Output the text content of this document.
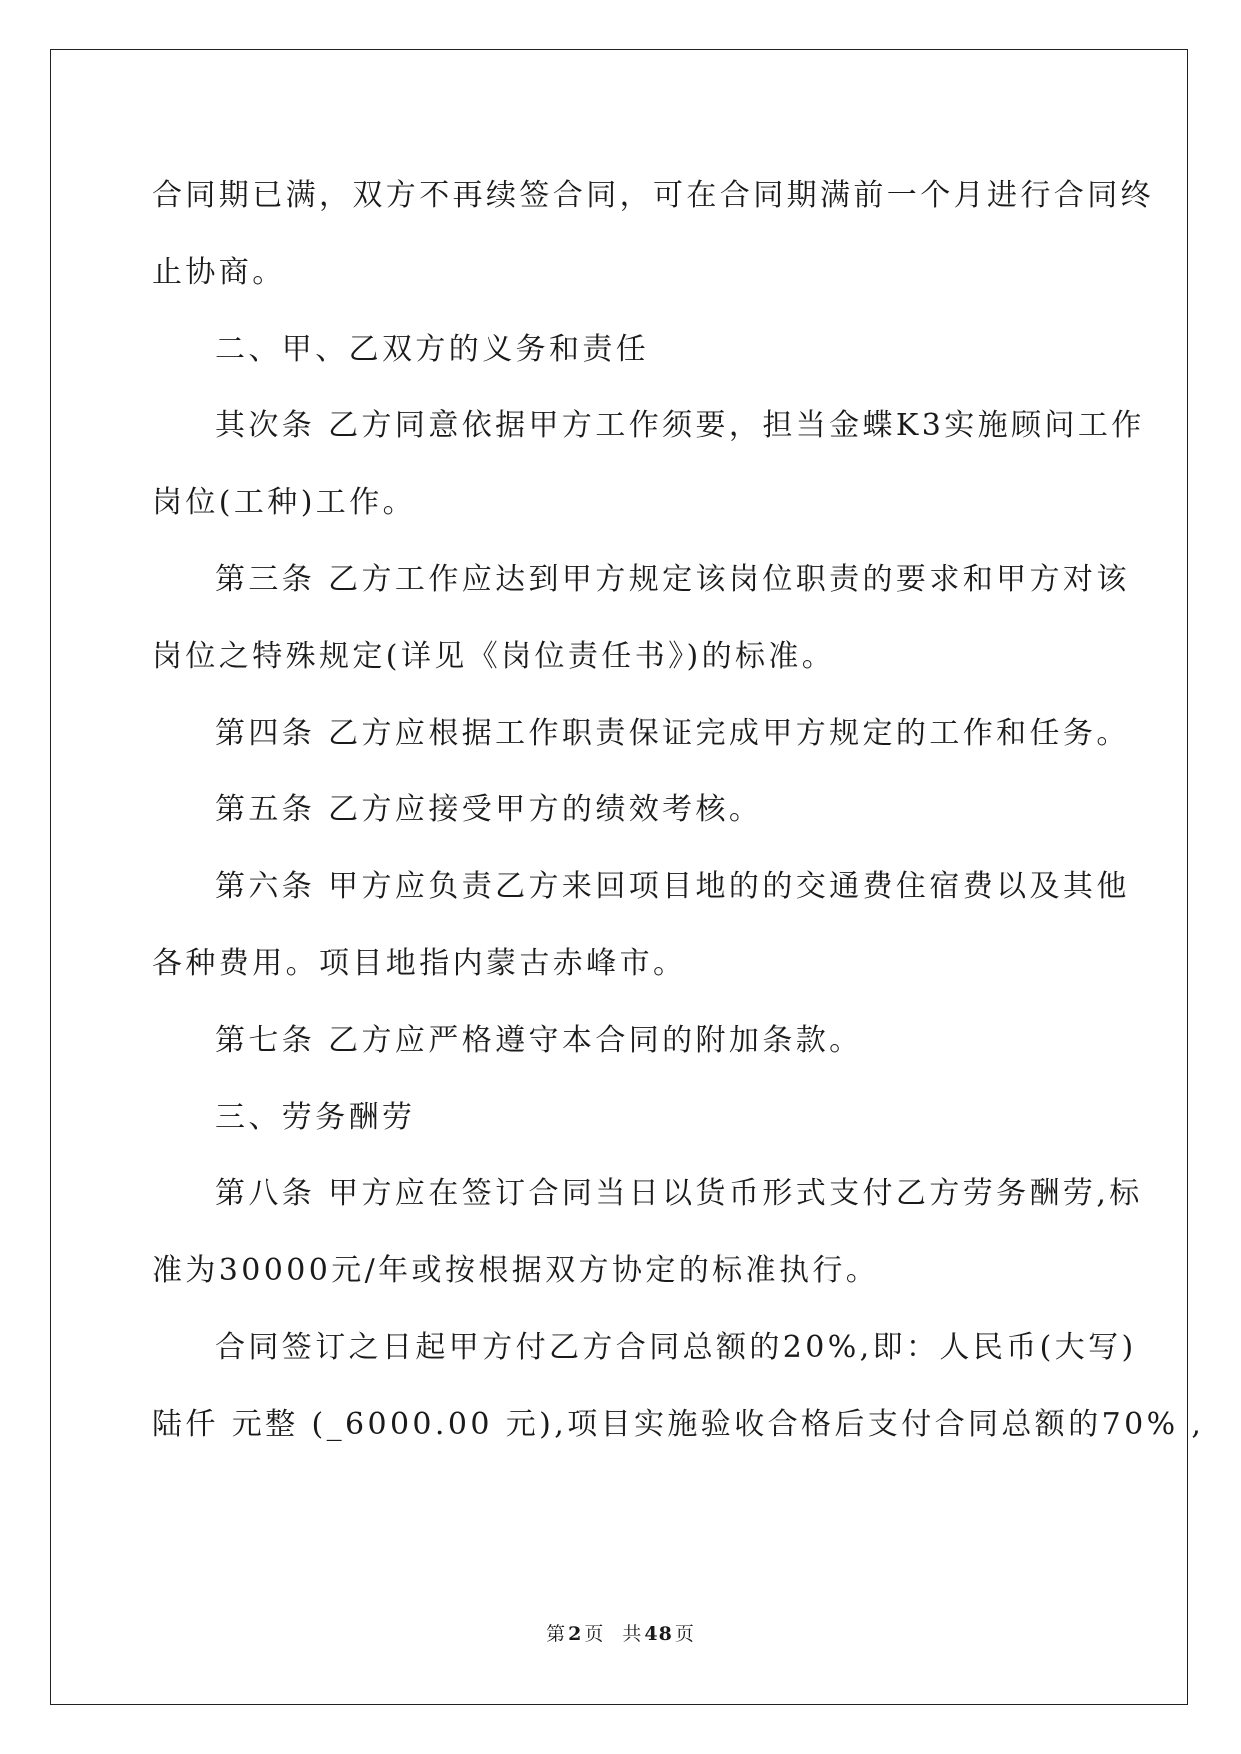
合同期已满，双方不再续签合同，可在合同期满前一个月进行合同终
止协商。
二、甲、乙双方的义务和责任
其次条 乙方同意依据甲方工作须要，担当金蝶K3实施顾问工作
岗位(工种)工作。
第三条 乙方工作应达到甲方规定该岗位职责的要求和甲方对该
岗位之特殊规定(详见《岗位责任书》)的标准。
第四条 乙方应根据工作职责保证完成甲方规定的工作和任务。
第五条 乙方应接受甲方的绩效考核。
第六条 甲方应负责乙方来回项目地的的交通费住宿费以及其他
各种费用。项目地指内蒙古赤峰市。
第七条 乙方应严格遵守本合同的附加条款。
三、劳务酬劳
第八条 甲方应在签订合同当日以货币形式支付乙方劳务酬劳,标
准为30000元/年或按根据双方协定的标准执行。
合同签订之日起甲方付乙方合同总额的20%,即：人民币(大写)
陆仟 元整 (_6000.00 元),项目实施验收合格后支付合同总额的70% ,
第 2 页 共 48 页
